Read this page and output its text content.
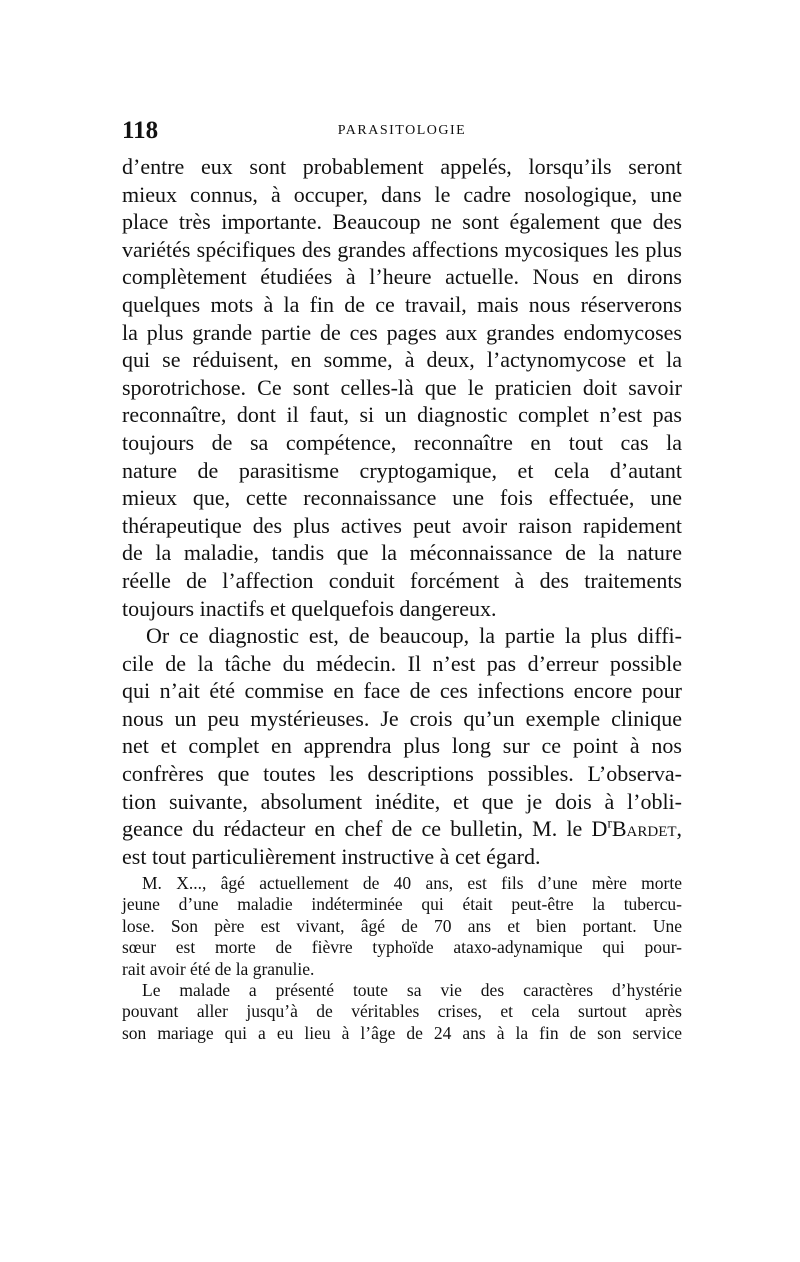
118	PARASITOLOGIE
d’entre eux sont probablement appelés, lorsqu’ils seront
mieux connus, à occuper, dans le cadre nosologique, une
place très importante. Beaucoup ne sont également que des
variétés spécifiques des grandes affections mycosiques les plus
complètement étudiées à l’heure actuelle. Nous en dirons
quelques mots à la fin de ce travail, mais nous réserverons
la plus grande partie de ces pages aux grandes endomycoses
qui se réduisent, en somme, à deux, l’actynomycose et la
sporotrichose. Ce sont celles-là que le praticien doit savoir
reconnaître, dont il faut, si un diagnostic complet n’est pas
toujours de sa compétence, reconnaître en tout cas la
nature de parasitisme cryptogamique, et cela d’autant
mieux que, cette reconnaissance une fois effectuée, une
thérapeutique des plus actives peut avoir raison rapidement
de la maladie, tandis que la méconnaissance de la nature
réelle de l’affection conduit forcément à des traitements
toujours inactifs et quelquefois dangereux.
Or ce diagnostic est, de beaucoup, la partie la plus diffi-
cile de la tâche du médecin. Il n’est pas d’erreur possible
qui n’ait été commise en face de ces infections encore pour
nous un peu mystérieuses. Je crois qu’un exemple clinique
net et complet en apprendra plus long sur ce point à nos
confrères que toutes les descriptions possibles. L’observa-
tion suivante, absolument inédite, et que je dois à l’obli-
geance du rédacteur en chef de ce bulletin, M. le $D^rBardet$,
est tout particulièrement instructive à cet égard.
M. X..., âgé actuellement de 40 ans, est fils d’une mère morte
jeune d’une maladie indéterminée qui était peut-être la tubercu-
lose. Son père est vivant, âgé de 70 ans et bien portant. Une
sœur est morte de fièvre typhoïde ataxo-adynamique qui pour-
rait avoir été de la granulie.
Le malade a présenté toute sa vie des caractères d’hystérie
pouvant aller jusqu’à de véritables crises, et cela surtout après
son mariage qui a eu lieu à l’âge de 24 ans à la fin de son service
